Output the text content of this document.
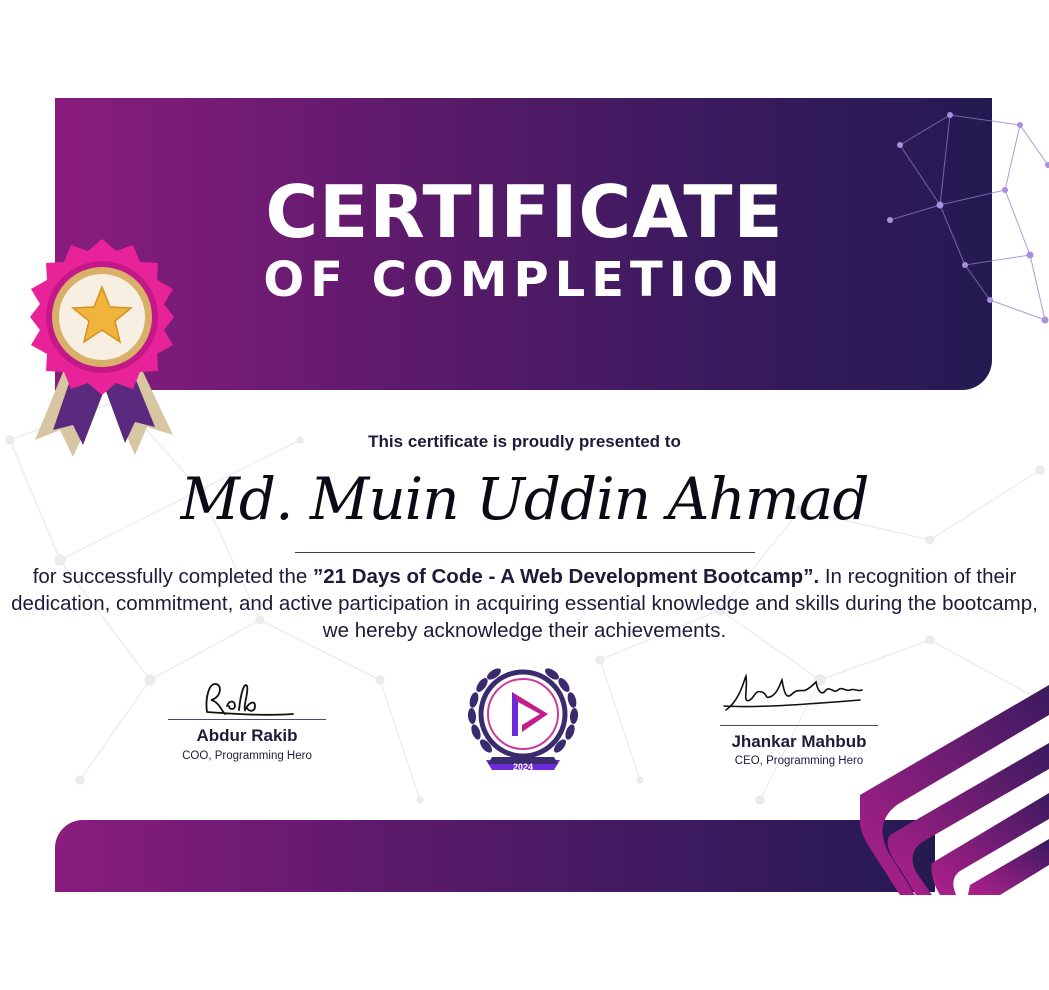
CERTIFICATE
OF COMPLETION
This certificate is proudly presented to
Md. Muin Uddin Ahmad
for successfully completed the ”21 Days of Code - A Web Development Bootcamp”. In recognition of their dedication, commitment, and active participation in acquiring essential knowledge and skills during the bootcamp, we hereby acknowledge their achievements.
Abdur Rakib
COO, Programming Hero
2024
Jhankar Mahbub
CEO, Programming Hero
